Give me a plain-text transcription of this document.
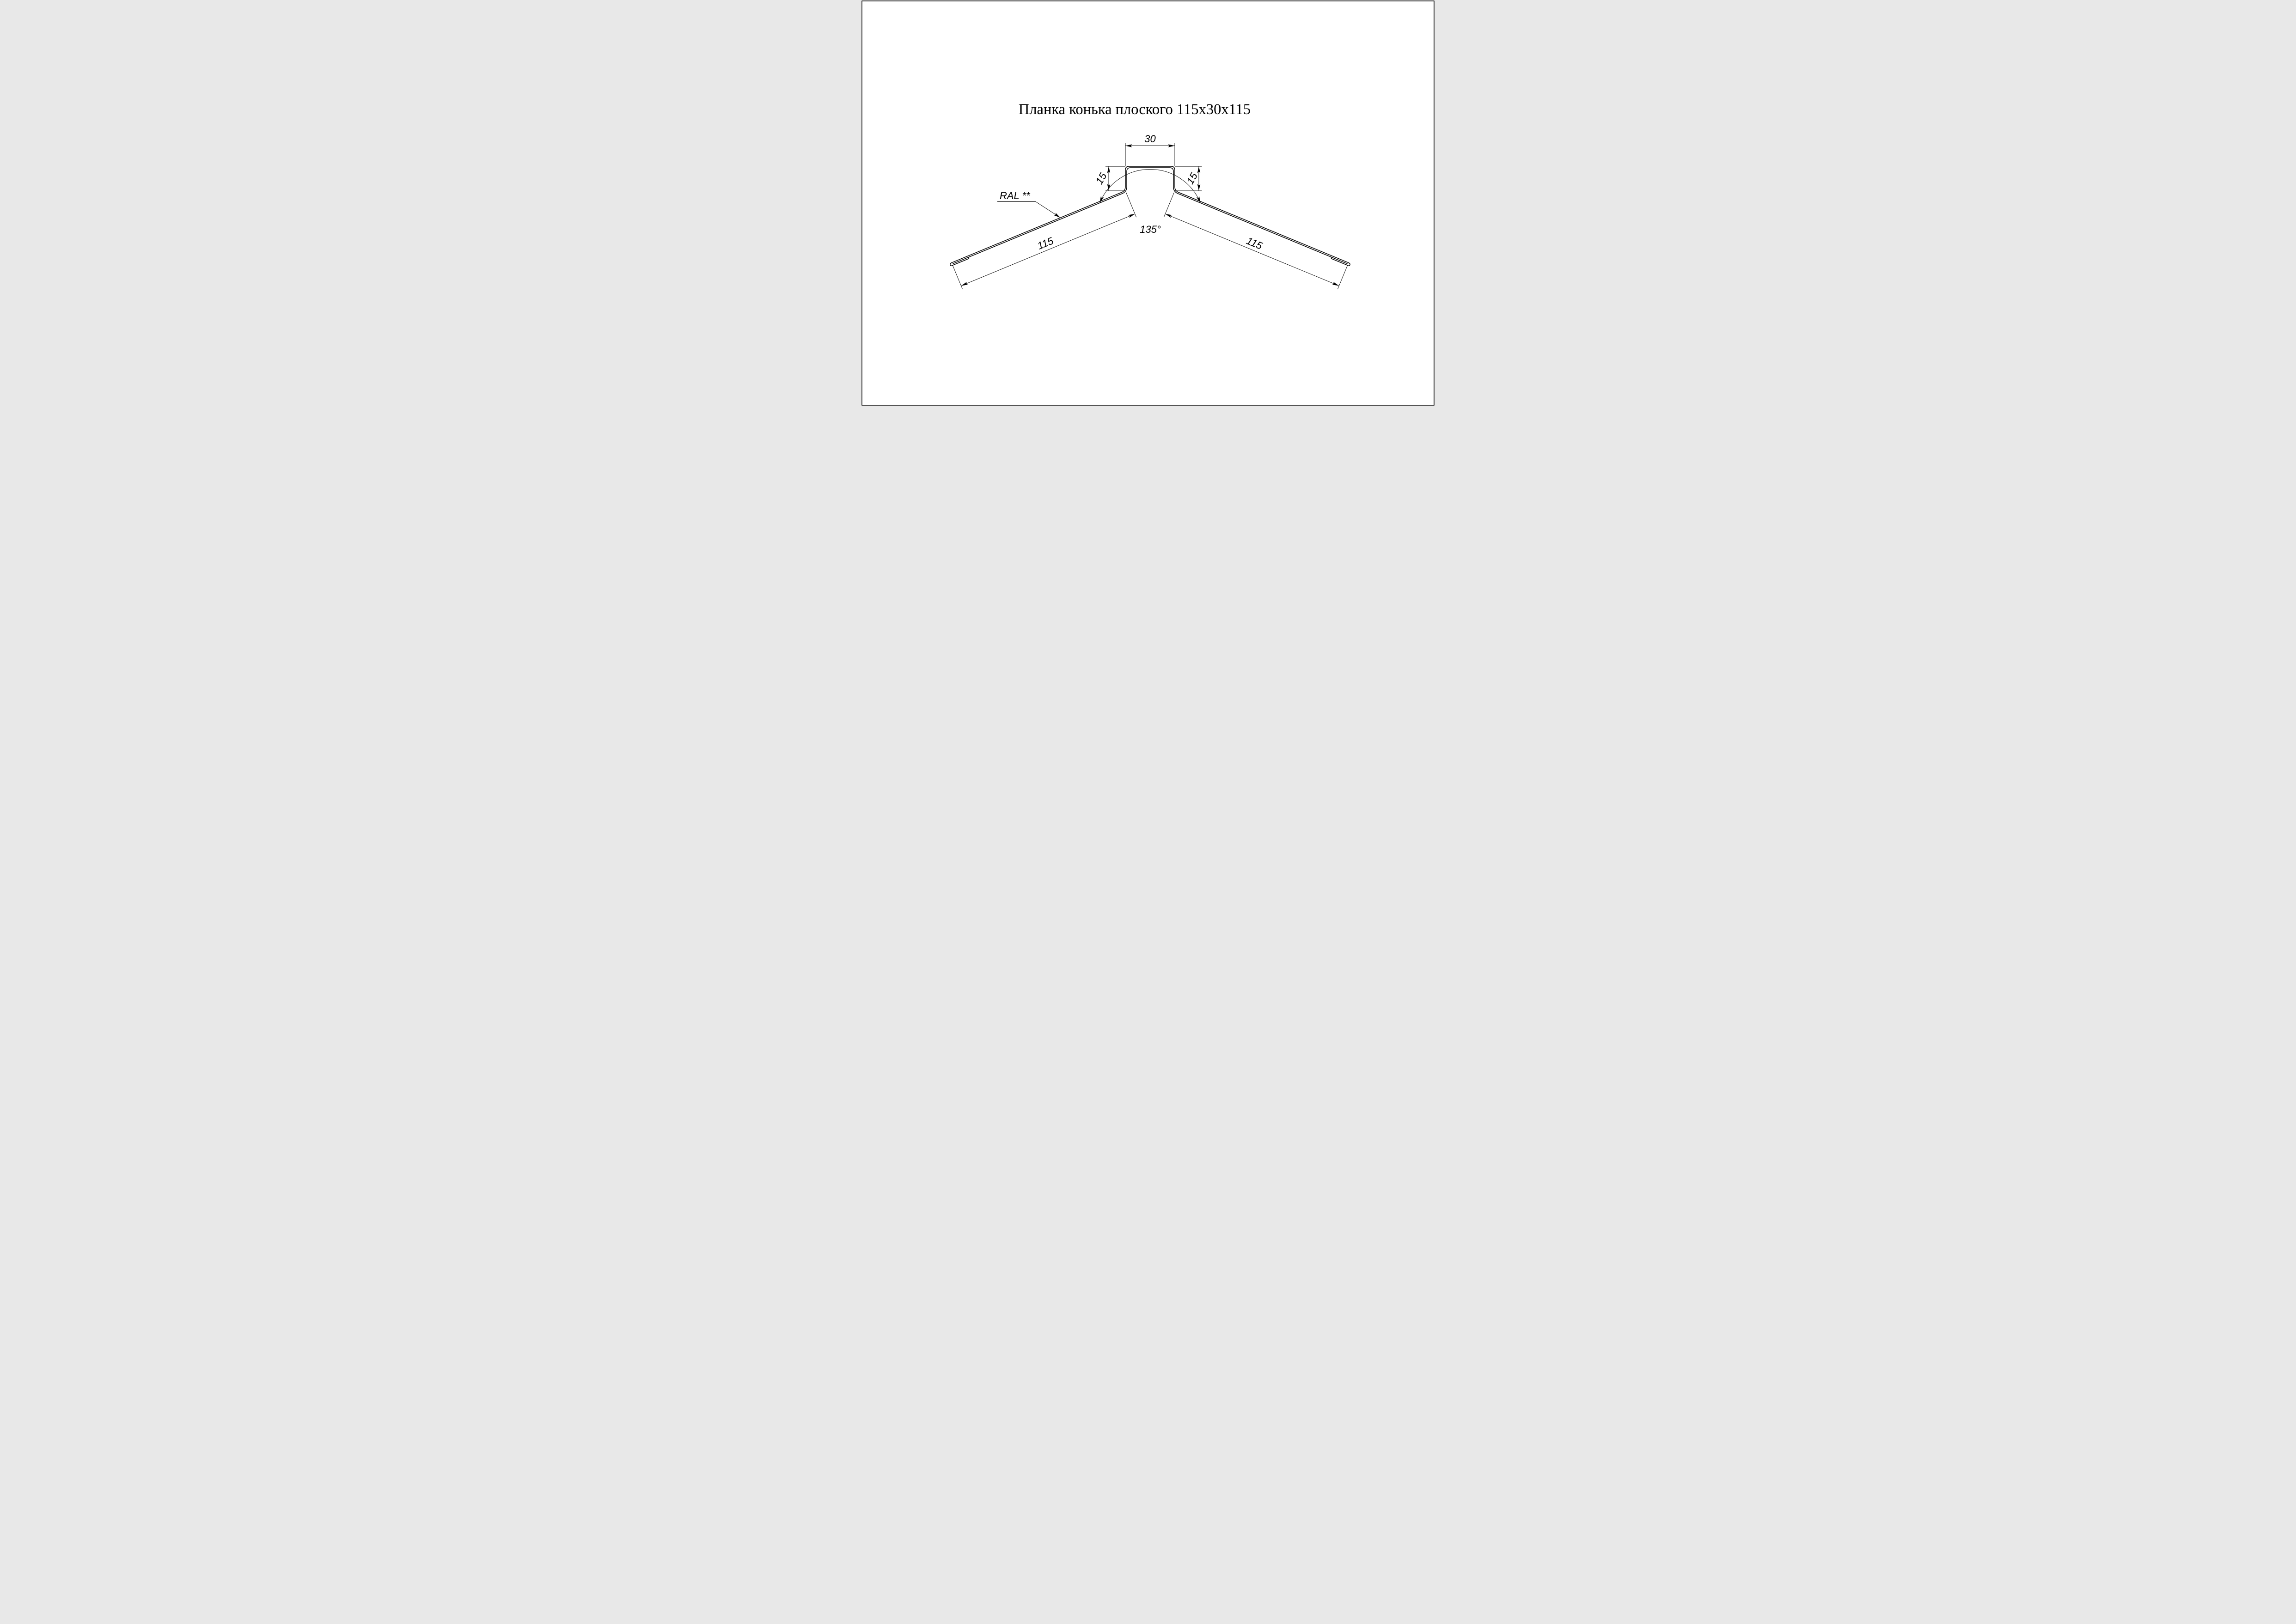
Планка конька плоского 115х30х115
30
15	15
115	115
135°
RAL **
